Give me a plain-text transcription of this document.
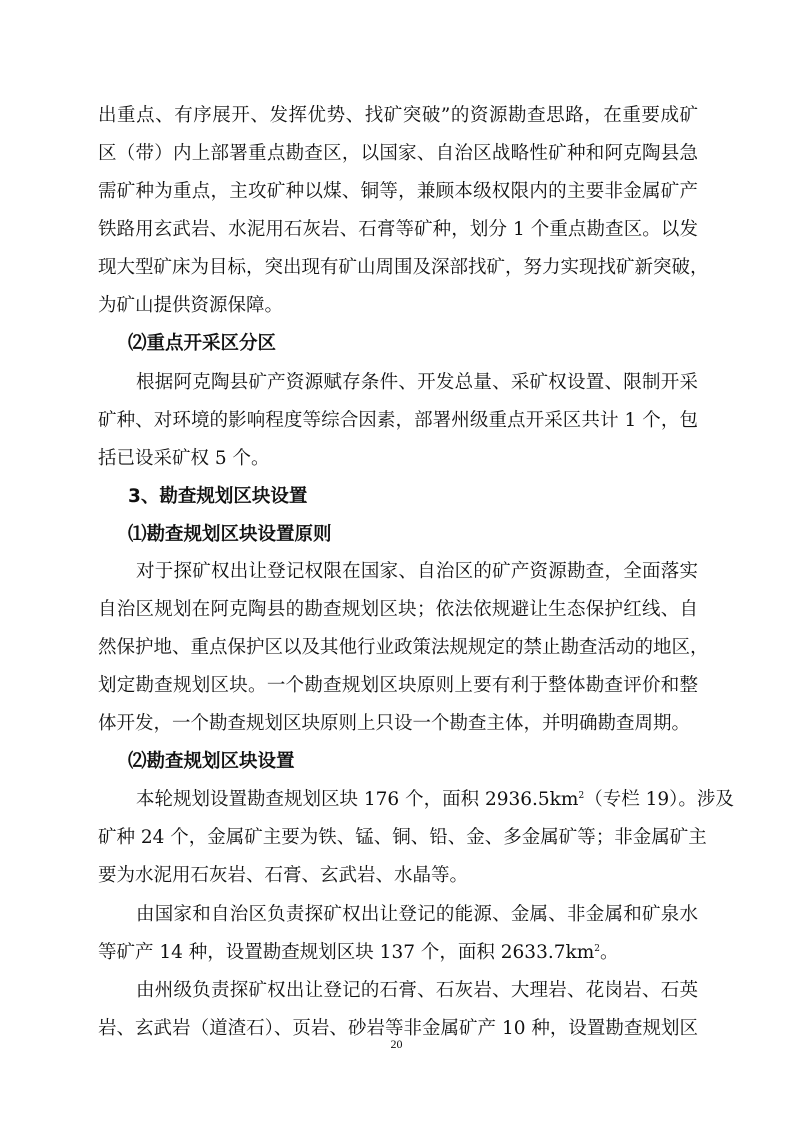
出重点、有序展开、发挥优势、找矿突破”的资源勘查思路，在重要成矿
区（带）内上部署重点勘查区，以国家、自治区战略性矿种和阿克陶县急
需矿种为重点，主攻矿种以煤、铜等，兼顾本级权限内的主要非金属矿产
铁路用玄武岩、水泥用石灰岩、石膏等矿种，划分 1 个重点勘查区。以发
现大型矿床为目标，突出现有矿山周围及深部找矿，努力实现找矿新突破，
为矿山提供资源保障。
⑵重点开采区分区
根据阿克陶县矿产资源赋存条件、开发总量、采矿权设置、限制开采
矿种、对环境的影响程度等综合因素，部署州级重点开采区共计 1 个，包
括已设采矿权 5 个。
3、勘查规划区块设置
⑴勘查规划区块设置原则
对于探矿权出让登记权限在国家、自治区的矿产资源勘查，全面落实
自治区规划在阿克陶县的勘查规划区块；依法依规避让生态保护红线、自
然保护地、重点保护区以及其他行业政策法规规定的禁止勘查活动的地区，
划定勘查规划区块。一个勘查规划区块原则上要有利于整体勘查评价和整
体开发，一个勘查规划区块原则上只设一个勘查主体，并明确勘查周期。
⑵勘查规划区块设置
本轮规划设置勘查规划区块 176 个，面积 $2936.5km^2$（专栏 19）。涉及
矿种 24 个，金属矿主要为铁、锰、铜、铅、金、多金属矿等；非金属矿主
要为水泥用石灰岩、石膏、玄武岩、水晶等。
由国家和自治区负责探矿权出让登记的能源、金属、非金属和矿泉水
等矿产 14 种，设置勘查规划区块 137 个，面积 $2633.7km^2$。
由州级负责探矿权出让登记的石膏、石灰岩、大理岩、花岗岩、石英
岩、玄武岩（道渣石）、页岩、砂岩等非金属矿产 10 种，设置勘查规划区
20
